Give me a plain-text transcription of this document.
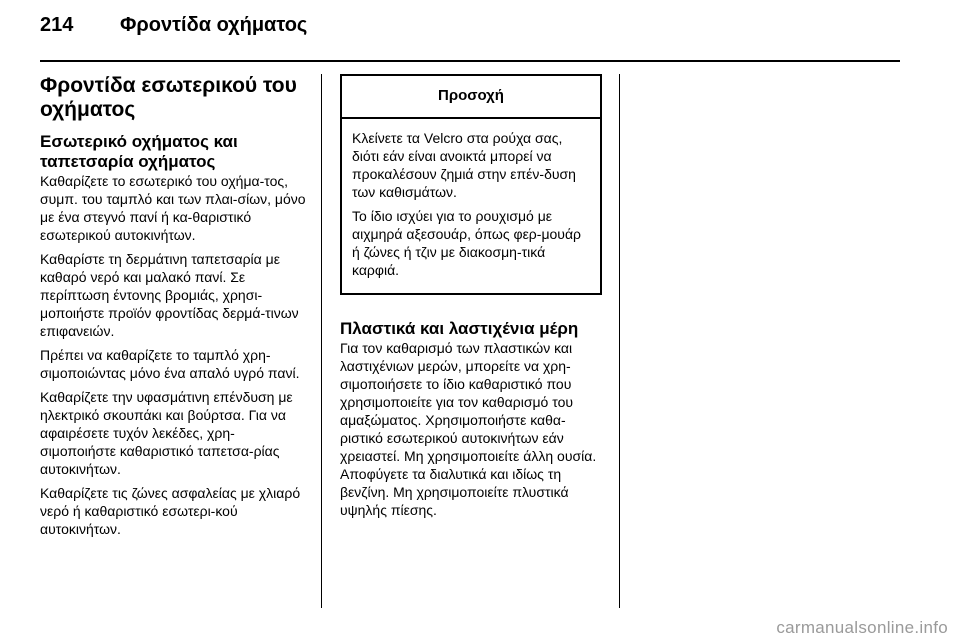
214 Φροντίδα οχήματος
Φροντίδα εσωτερικού του οχήματος
Εσωτερικό οχήματος και ταπετσαρία οχήματος

Καθαρίζετε το εσωτερικό του οχήμα-τος, συμπ. του ταμπλό και των πλαι-σίων, μόνο με ένα στεγνό πανί ή κα-θαριστικό εσωτερικού αυτοκινήτων.

Καθαρίστε τη δερμάτινη ταπετσαρία με καθαρό νερό και μαλακό πανί. Σε περίπτωση έντονης βρομιάς, χρησι-μοποιήστε προϊόν φροντίδας δερμά-τινων επιφανειών.

Πρέπει να καθαρίζετε το ταμπλό χρη-σιμοποιώντας μόνο ένα απαλό υγρό πανί.

Καθαρίζετε την υφασμάτινη επένδυση με ηλεκτρικό σκουπάκι και βούρτσα. Για να αφαιρέσετε τυχόν λεκέδες, χρη-σιμοποιήστε καθαριστικό ταπετσα-ρίας αυτοκινήτων.

Καθαρίζετε τις ζώνες ασφαλείας με χλιαρό νερό ή καθαριστικό εσωτερι-κού αυτοκινήτων.

Προσοχή

Κλείνετε τα Velcro στα ρούχα σας, διότι εάν είναι ανοικτά μπορεί να προκαλέσουν ζημιά στην επέν-δυση των καθισμάτων.

Το ίδιο ισχύει για το ρουχισμό με αιχμηρά αξεσουάρ, όπως φερ-μουάρ ή ζώνες ή τζιν με διακοσμη-τικά καρφιά.

Πλαστικά και λαστιχένια μέρη

Για τον καθαρισμό των πλαστικών και λαστιχένιων μερών, μπορείτε να χρη-σιμοποιήσετε το ίδιο καθαριστικό που χρησιμοποιείτε για τον καθαρισμό του αμαξώματος. Χρησιμοποιήστε καθα-ριστικό εσωτερικού αυτοκινήτων εάν χρειαστεί. Μη χρησιμοποιείτε άλλη ουσία. Αποφύγετε τα διαλυτικά και ιδίως τη βενζίνη. Μη χρησιμοποιείτε πλυστικά υψηλής πίεσης.

carmanualsonline.info
